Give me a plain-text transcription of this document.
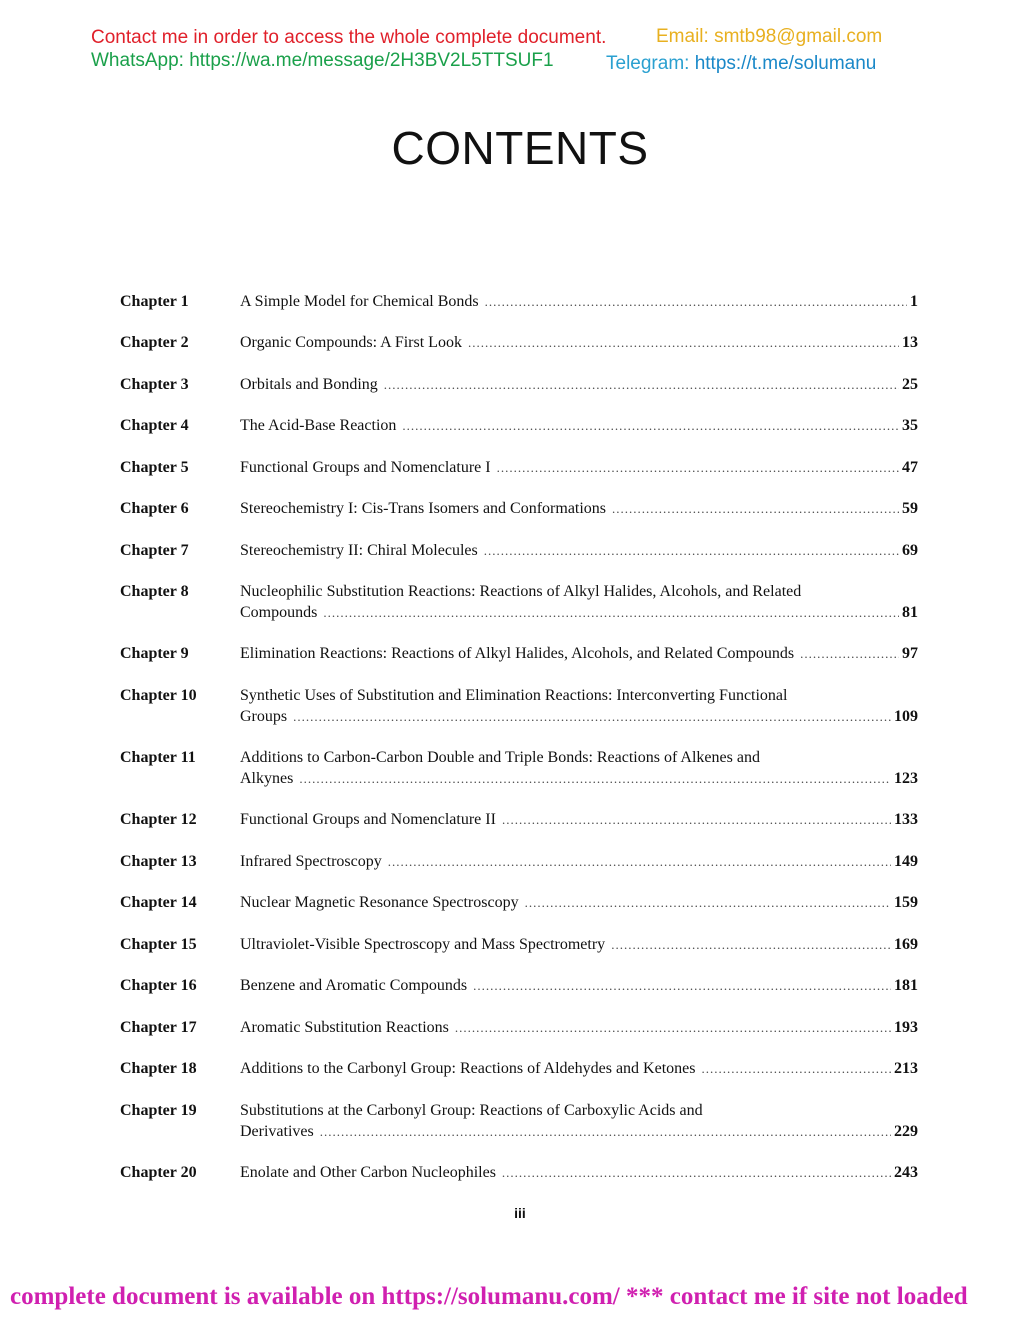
Contact me in order to access the whole complete document.
WhatsApp: https://wa.me/message/2H3BV2L5TTSUF1
Email: smtb98@gmail.com
Telegram: https://t.me/solumanu
CONTENTS
Chapter 1	A Simple Model for Chemical Bonds .....	1
Chapter 2	Organic Compounds: A First Look .....	13
Chapter 3	Orbitals and Bonding .....	25
Chapter 4	The Acid-Base Reaction .....	35
Chapter 5	Functional Groups and Nomenclature I .....	47
Chapter 6	Stereochemistry I: Cis-Trans Isomers and Conformations .....	59
Chapter 7	Stereochemistry II: Chiral Molecules .....	69
Chapter 8	Nucleophilic Substitution Reactions: Reactions of Alkyl Halides, Alcohols, and Related
Compounds .....	81
Chapter 9	Elimination Reactions: Reactions of Alkyl Halides, Alcohols, and Related Compounds .....	97
Chapter 10	Synthetic Uses of Substitution and Elimination Reactions: Interconverting Functional
Groups .....	109
Chapter 11	Additions to Carbon-Carbon Double and Triple Bonds: Reactions of Alkenes and
Alkynes .....	123
Chapter 12	Functional Groups and Nomenclature II .....	133
Chapter 13	Infrared Spectroscopy .....	149
Chapter 14	Nuclear Magnetic Resonance Spectroscopy .....	159
Chapter 15	Ultraviolet-Visible Spectroscopy and Mass Spectrometry .....	169
Chapter 16	Benzene and Aromatic Compounds .....	181
Chapter 17	Aromatic Substitution Reactions .....	193
Chapter 18	Additions to the Carbonyl Group: Reactions of Aldehydes and Ketones .....	213
Chapter 19	Substitutions at the Carbonyl Group: Reactions of Carboxylic Acids and
Derivatives .....	229
Chapter 20	Enolate and Other Carbon Nucleophiles .....	243
iii
complete document is available on https://solumanu.com/ *** contact me if site not loaded
